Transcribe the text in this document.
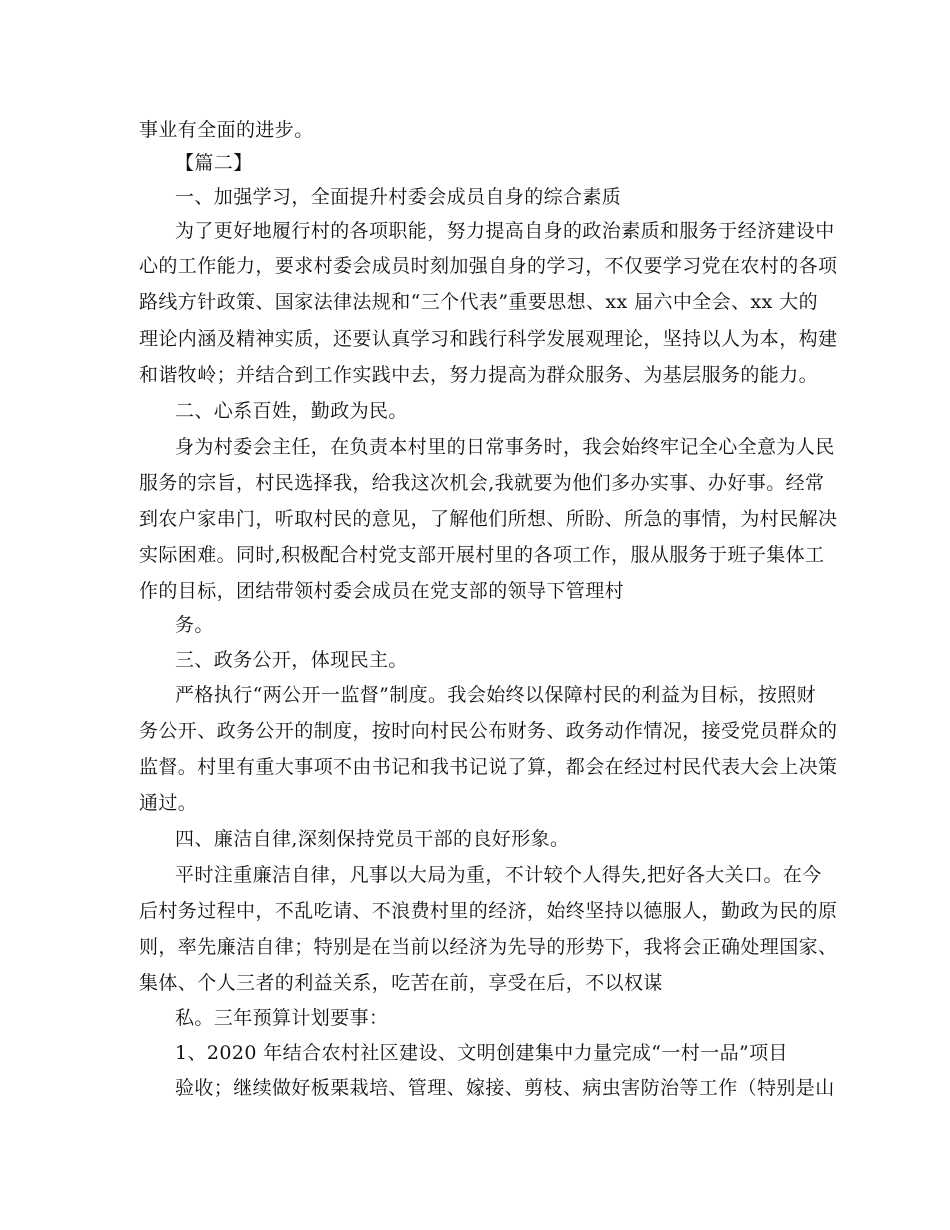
事业有全面的进步。
【篇二】
一、加强学习，全面提升村委会成员自身的综合素质
为了更好地履行村的各项职能，努力提高自身的政治素质和服务于经济建设中
心的工作能力，要求村委会成员时刻加强自身的学习，不仅要学习党在农村的各项
路线方针政策、国家法律法规和“三个代表”重要思想、xx 届六中全会、xx 大的
理论内涵及精神实质，还要认真学习和践行科学发展观理论，坚持以人为本，构建
和谐牧岭；并结合到工作实践中去，努力提高为群众服务、为基层服务的能力。
二、心系百姓，勤政为民。
身为村委会主任，在负责本村里的日常事务时，我会始终牢记全心全意为人民
服务的宗旨，村民选择我，给我这次机会,我就要为他们多办实事、办好事。经常
到农户家串门，听取村民的意见，了解他们所想、所盼、所急的事情，为村民解决
实际困难。同时,积极配合村党支部开展村里的各项工作，服从服务于班子集体工
作的目标，团结带领村委会成员在党支部的领导下管理村
务。
三、政务公开，体现民主。
严格执行“两公开一监督”制度。我会始终以保障村民的利益为目标，按照财
务公开、政务公开的制度，按时向村民公布财务、政务动作情况，接受党员群众的
监督。村里有重大事项不由书记和我书记说了算，都会在经过村民代表大会上决策
通过。
四、廉洁自律,深刻保持党员干部的良好形象。
平时注重廉洁自律，凡事以大局为重，不计较个人得失,把好各大关口。在今
后村务过程中，不乱吃请、不浪费村里的经济，始终坚持以德服人，勤政为民的原
则，率先廉洁自律；特别是在当前以经济为先导的形势下，我将会正确处理国家、
集体、个人三者的利益关系，吃苦在前，享受在后，不以权谋
私。三年预算计划要事：
1、2020 年结合农村社区建设、文明创建集中力量完成“一村一品”项目
验收；继续做好板栗栽培、管理、嫁接、剪枝、病虫害防治等工作（特别是山
